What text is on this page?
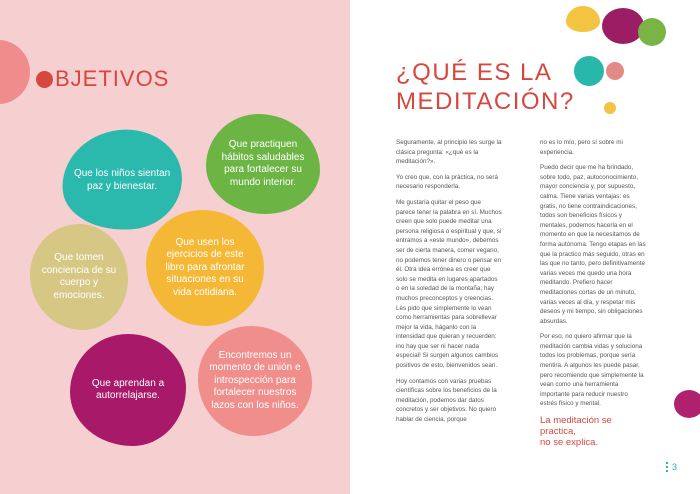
BJETIVOS
Que los niños sientan paz y bienestar.
Que practiquen hábitos saludables para fortalecer su mundo interior.
Que tomen conciencia de su cuerpo y emociones.
Que usen los ejercicios de este libro para afrontar situaciones en su vida cotidiana.
Que aprendan a autorrelajarse.
Encontremos un momento de unión e introspección para fortalecer nuestros lazos con los niños.
¿QUÉ ES LA
MEDITACIÓN?

Seguramente, al principio les surge la clásica pregunta: «¿qué es la meditación?».

Yo creo que, con la práctica, no será necesario responderla.

Me gustaría quitar el peso que parece tener la palabra en sí. Muchos creen que solo puede meditar una persona religiosa o espiritual y que, si entramos a «este mundo», debemos ser de cierta manera, comer vegano, no podemos tener dinero o pensar en él. Otra idea errónea es creer que solo se medita en lugares apartados o en la soledad de la montaña; hay muchos preconceptos y creencias. Les pido que simplemente lo vean como herramientas para sobrellevar mejor la vida, háganlo con la intensidad que quieran y recuerden: ino hay que ser ni hacer nada especial! Si surgen algunos cambios positivos de esto, bienvenidos sean.

Hoy contamos con varias pruebas científicas sobre los beneficios de la meditación, podemos dar datos concretos y ser objetivos. No quiero hablar de ciencia, porque

no es lo mío, pero sí sobre mi experiencia.

Puedo decir que me ha brindado, sobre todo, paz, autoconocimiento, mayor conciencia y, por supuesto, calma. Tiene varias ventajas: es gratis, no tiene contraindicaciones, todos son beneficios físicos y mentales, podemos hacerla en el momento en que la necesitamos de forma autónoma. Tengo etapas en las que la practico más seguido, otras en las que no tanto, pero definitivamente varias veces me quedo una hora meditando. Prefiero hacer meditaciones cortas de un minuto, varias veces al día, y respetar mis deseos y mi tiempo, sin obligaciones absurdas.

Por eso, no quiero afirmar que la meditación cambia vidas y soluciona todos los problemas, porque sería mentira. A algunos les puede pasar, pero recomiendo que simplemente la vean como una herramienta importante para reducir nuestro estrés físico y mental.

La meditación se practica,
no se explica.
3
